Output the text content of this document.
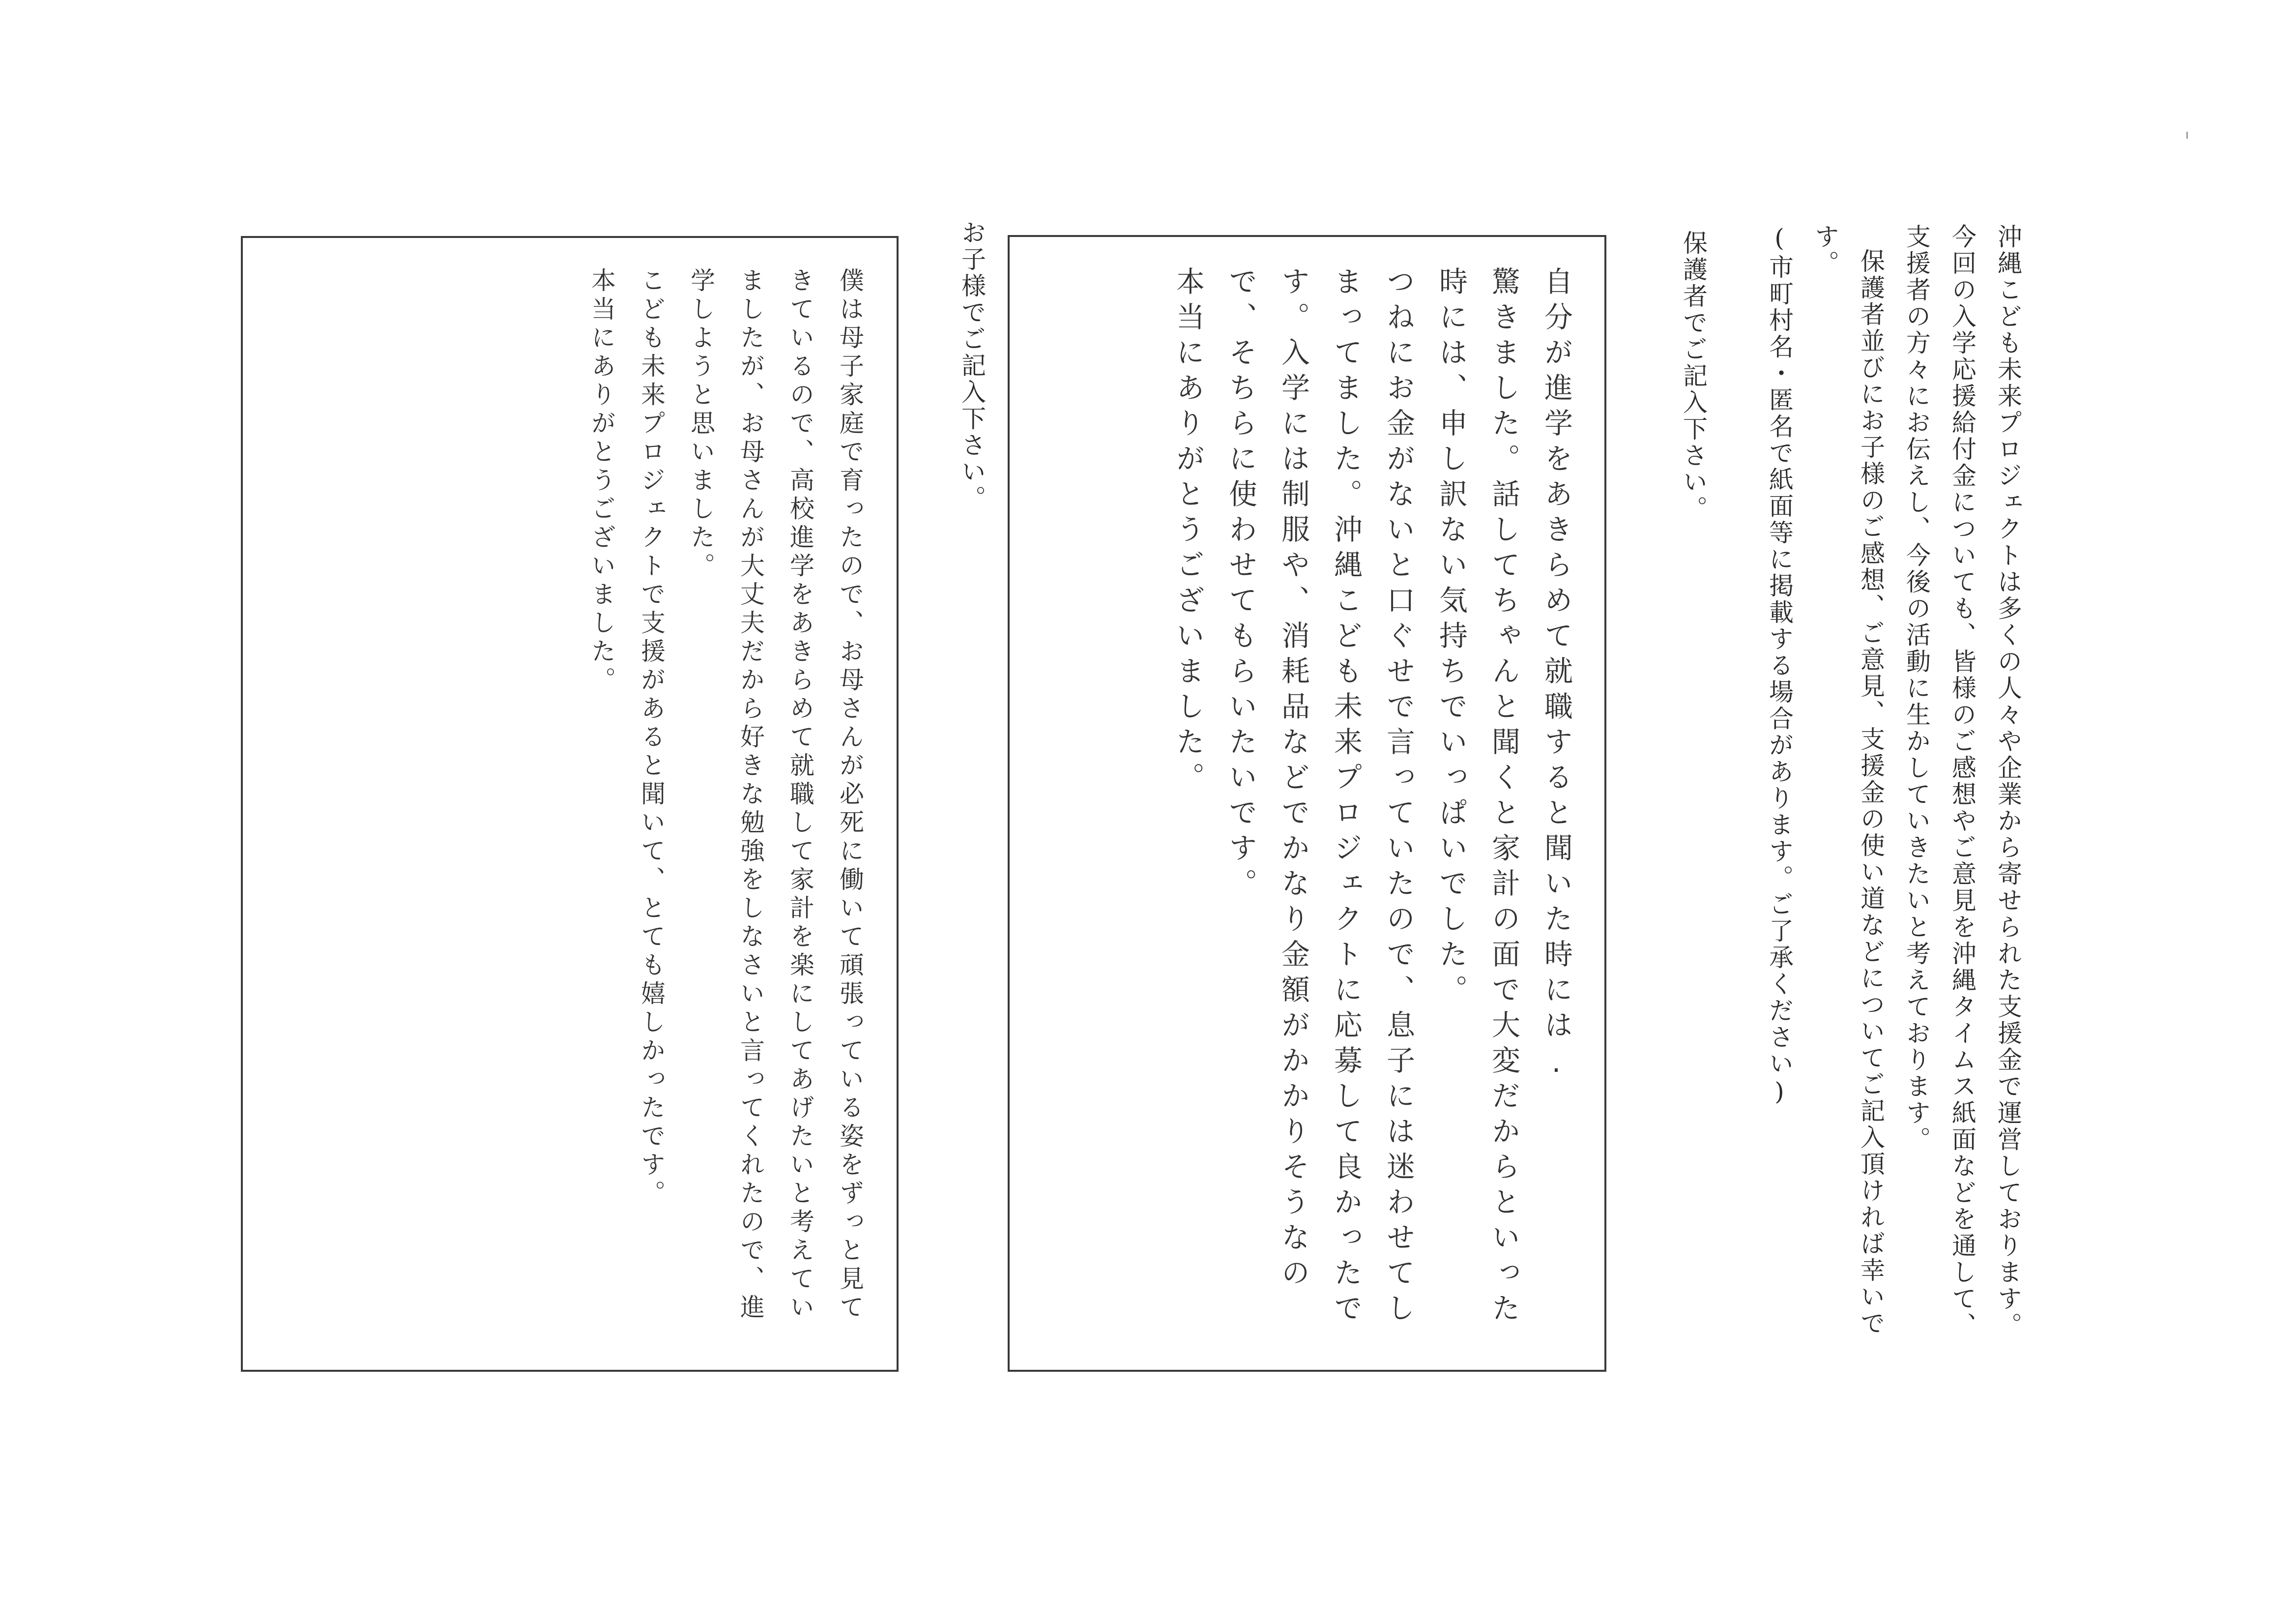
沖縄こども未来プロジェクトは多くの人々や企業から寄せられた支援金で運営しております。今回の入学応援給付金についても、皆様のご感想やご意見を沖縄タイムス紙面などを通して、支援者の方々にお伝えし、今後の活動に生かしていきたいと考えております。

保護者並びにお子様のご感想、ご意見、支援金の使い道などについてご記入頂ければ幸いです。

(市町村名・匿名で紙面等に掲載する場合があります。ご了承ください)

保護者でご記入下さい。

自分が進学をあきらめて就職すると聞いた時には.
驚きました。話してちゃんと聞くと家計の面で大変だからといった時には、申し訳ない気持ちでいっぱいでした。
つねにお金がないと口ぐせで言っていたので、息子には迷わせてしまってました。沖縄こども未来プロジェクトに応募して良かったです。入学には制服や、消耗品などでかなり金額がかかりそうなので、そちらに使わせてもらいたいです。
本当にありがとうございました。

お子様でご記入下さい。

僕は母子家庭で育ったので、お母さんが必死に働いて頑張っている姿をずっと見てきているので、高校進学をあきらめて就職して家計を楽にしてあげたいと考えていましたが、お母さんが大丈夫だから好きな勉強をしなさいと言ってくれたので、進学しようと思いました。
こども未来プロジェクトで支援があると聞いて、とても嬉しかったです。
本当にありがとうございました。
